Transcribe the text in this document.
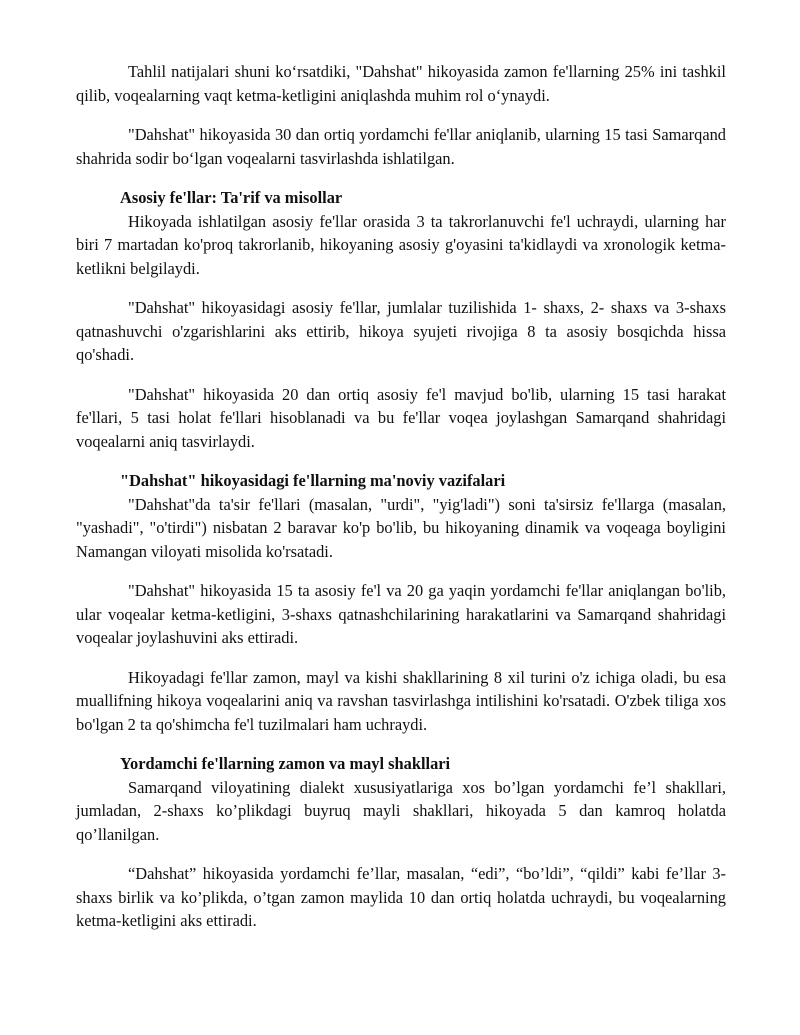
Tahlil natijalari shuni koʻrsatdiki, "Dahshat" hikoyasida zamon fe'llarning 25% ini tashkil qilib, voqealarning vaqt ketma-ketligini aniqlashda muhim rol oʻynaydi.

"Dahshat" hikoyasida 30 dan ortiq yordamchi fe'llar aniqlanib, ularning 15 tasi Samarqand shahrida sodir boʻlgan voqealarni tasvirlashda ishlatilgan.

Asosiy fe'llar: Ta'rif va misollar

Hikoyada ishlatilgan asosiy fe'llar orasida 3 ta takrorlanuvchi fe'l uchraydi, ularning har biri 7 martadan ko'proq takrorlanib, hikoyaning asosiy g'oyasini ta'kidlaydi va xronologik ketma-ketlikni belgilaydi.

"Dahshat" hikoyasidagi asosiy fe'llar, jumlalar tuzilishida 1- shaxs, 2- shaxs va 3-shaxs qatnashuvchi o'zgarishlarini aks ettirib, hikoya syujeti rivojiga 8 ta asosiy bosqichda hissa qo'shadi.

"Dahshat" hikoyasida 20 dan ortiq asosiy fe'l mavjud bo'lib, ularning 15 tasi harakat fe'llari, 5 tasi holat fe'llari hisoblanadi va bu fe'llar voqea joylashgan Samarqand shahridagi voqealarni aniq tasvirlaydi.

"Dahshat" hikoyasidagi fe'llarning ma'noviy vazifalari

"Dahshat"da ta'sir fe'llari (masalan, "urdi", "yig'ladi") soni ta'sirsiz fe'llarga (masalan, "yashadi", "o'tirdi") nisbatan 2 baravar ko'p bo'lib, bu hikoyaning dinamik va voqeaga boyligini Namangan viloyati misolida ko'rsatadi.

"Dahshat" hikoyasida 15 ta asosiy fe'l va 20 ga yaqin yordamchi fe'llar aniqlangan bo'lib, ular voqealar ketma-ketligini, 3-shaxs qatnashchilarining harakatlarini va Samarqand shahridagi voqealar joylashuvini aks ettiradi.

Hikoyadagi fe'llar zamon, mayl va kishi shakllarining 8 xil turini o'z ichiga oladi, bu esa muallifning hikoya voqealarini aniq va ravshan tasvirlashga intilishini ko'rsatadi. O'zbek tiliga xos bo'lgan 2 ta qo'shimcha fe'l tuzilmalari ham uchraydi.

Yordamchi fe'llarning zamon va mayl shakllari

Samarqand viloyatining dialekt xususiyatlariga xos bo’lgan yordamchi fe’l shakllari, jumladan, 2-shaxs ko’plikdagi buyruq mayli shakllari, hikoyada 5 dan kamroq holatda qo’llanilgan.

“Dahshat” hikoyasida yordamchi fe’llar, masalan, “edi”, “bo’ldi”, “qildi” kabi fe’llar 3-shaxs birlik va ko’plikda, o’tgan zamon maylida 10 dan ortiq holatda uchraydi, bu voqealarning ketma-ketligini aks ettiradi.
